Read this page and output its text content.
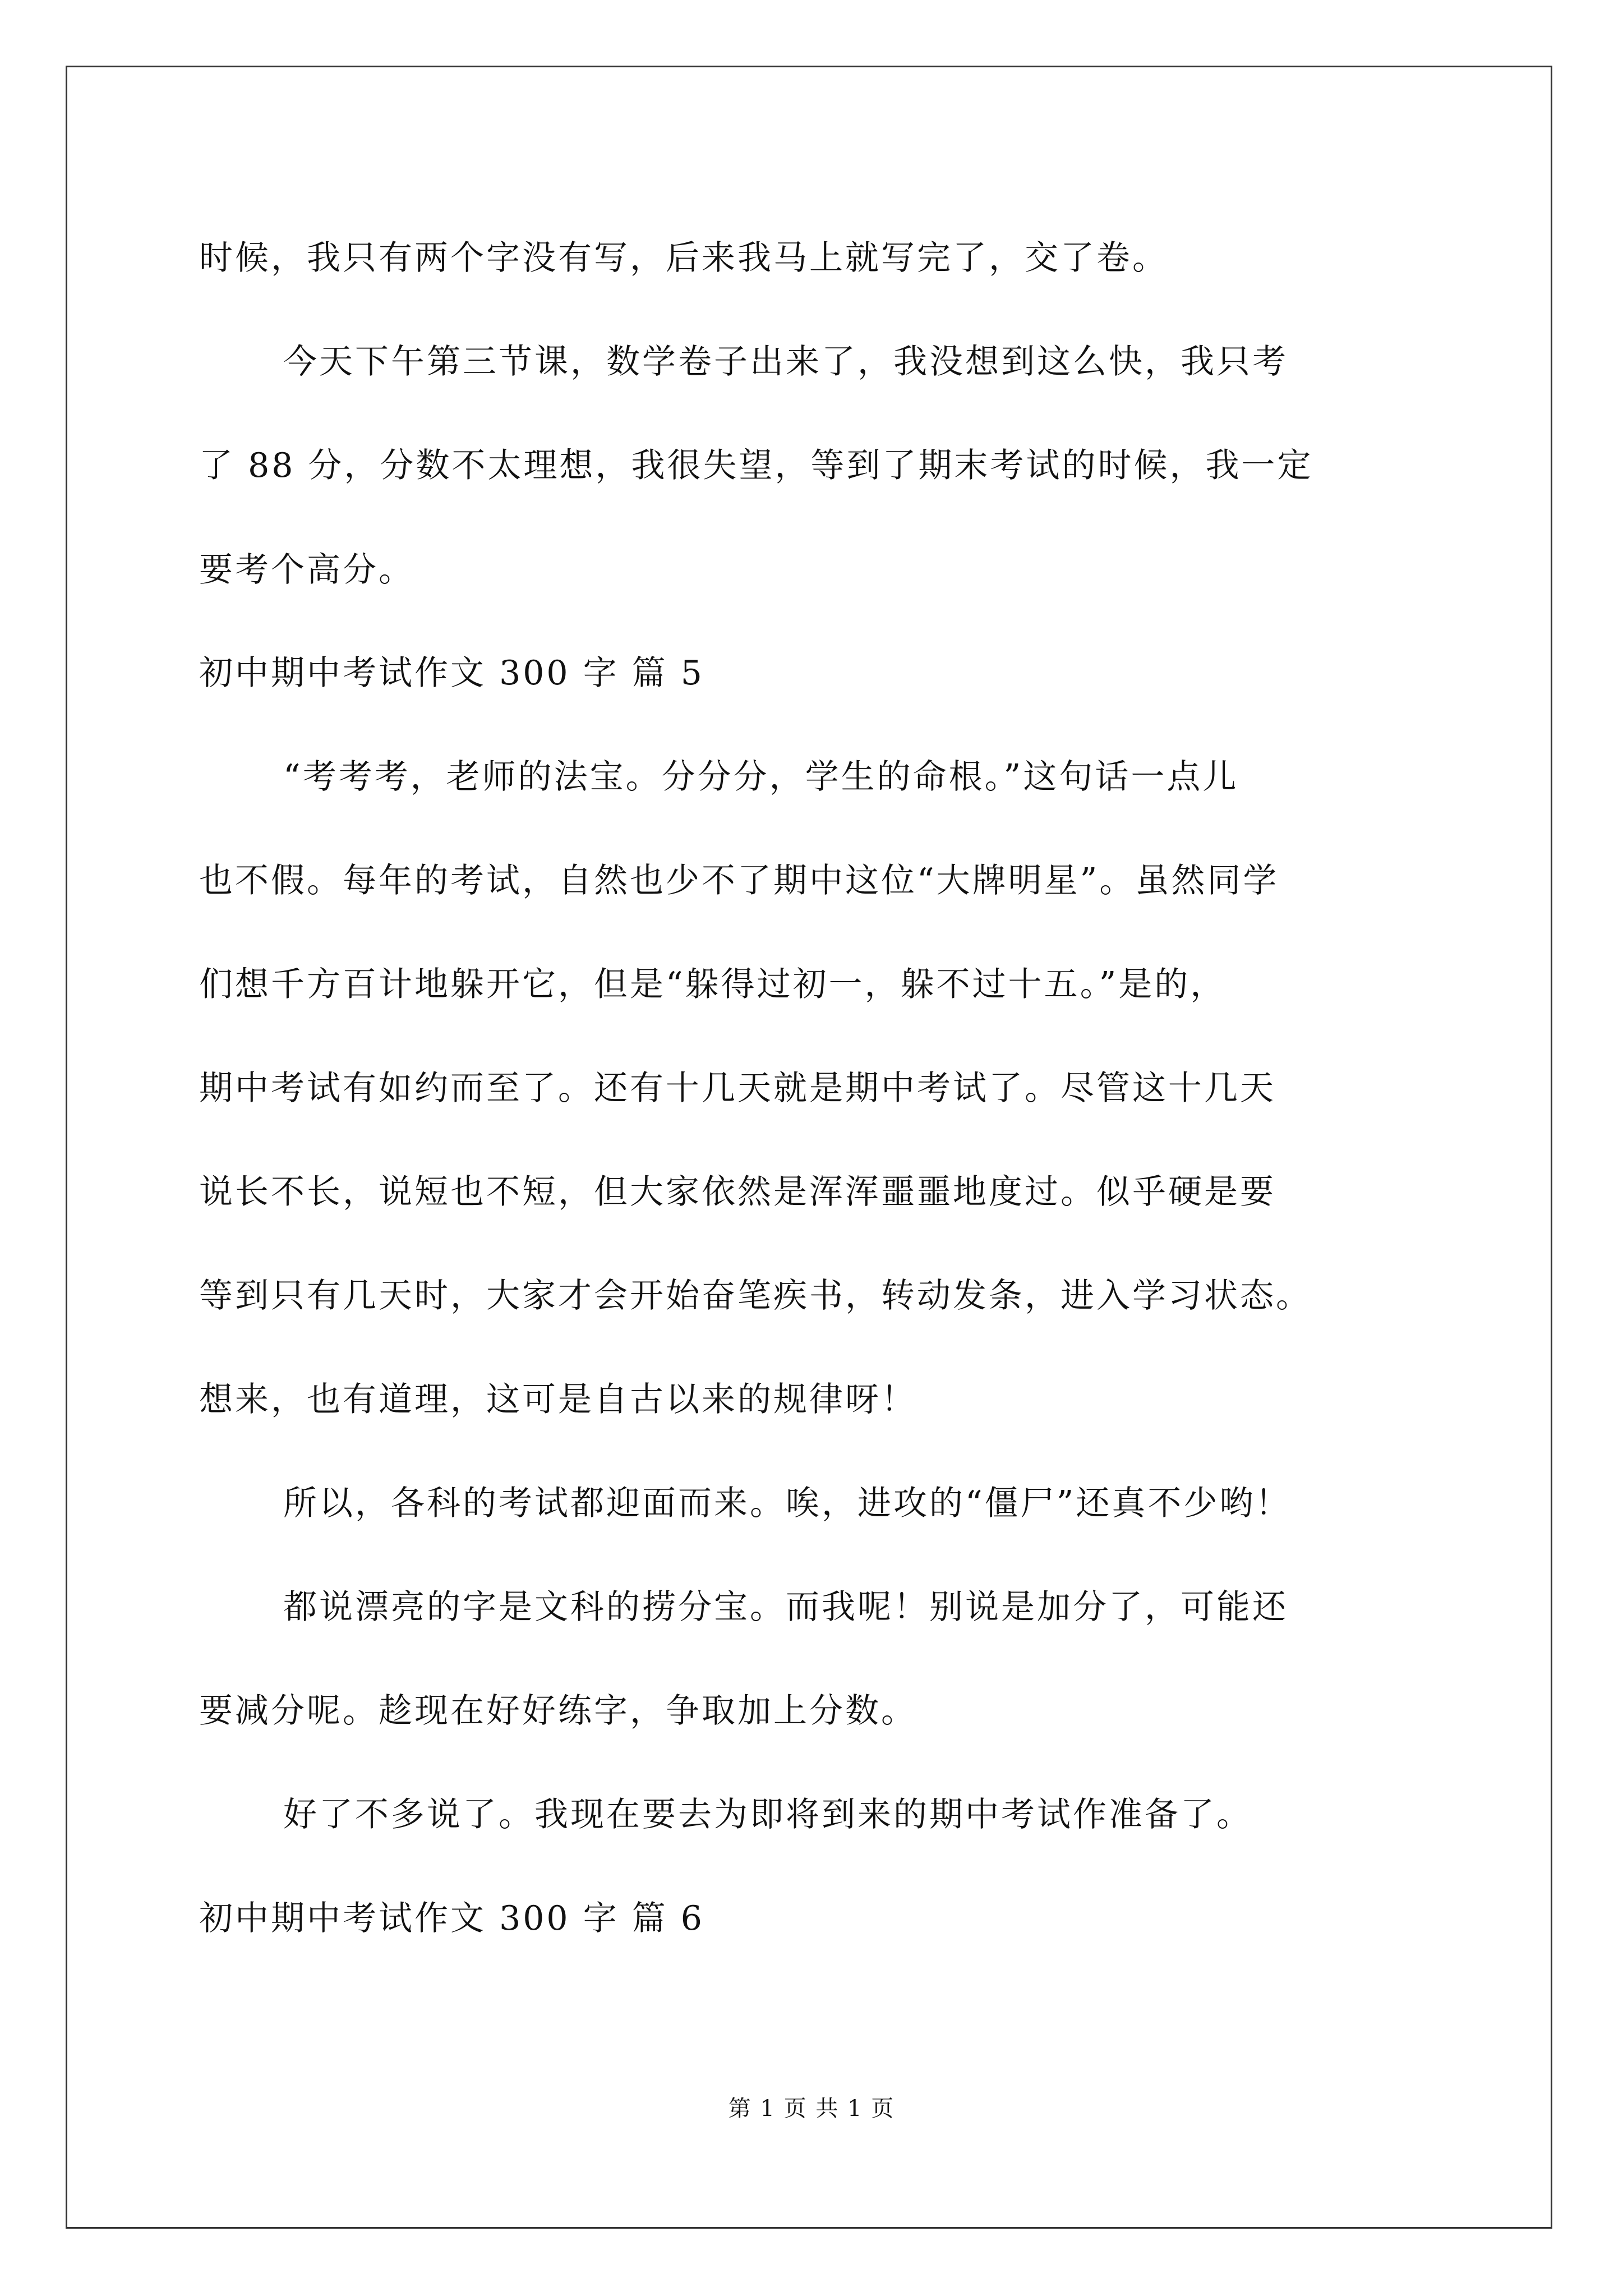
时候，我只有两个字没有写，后来我马上就写完了，交了卷。
今天下午第三节课，数学卷子出来了，我没想到这么快，我只考
了 88 分，分数不太理想，我很失望，等到了期末考试的时候，我一定
要考个高分。
初中期中考试作文 300 字 篇 5
“考考考，老师的法宝。分分分，学生的命根。”这句话一点儿
也不假。每年的考试，自然也少不了期中这位“大牌明星”。虽然同学
们想千方百计地躲开它，但是“躲得过初一，躲不过十五。”是的，
期中考试有如约而至了。还有十几天就是期中考试了。尽管这十几天
说长不长，说短也不短，但大家依然是浑浑噩噩地度过。似乎硬是要
等到只有几天时，大家才会开始奋笔疾书，转动发条，进入学习状态。
想来，也有道理，这可是自古以来的规律呀！
所以，各科的考试都迎面而来。唉，进攻的“僵尸”还真不少哟！
都说漂亮的字是文科的捞分宝。而我呢！别说是加分了，可能还
要减分呢。趁现在好好练字，争取加上分数。
好了不多说了。我现在要去为即将到来的期中考试作准备了。
初中期中考试作文 300 字 篇 6
第 1 页 共 1 页
